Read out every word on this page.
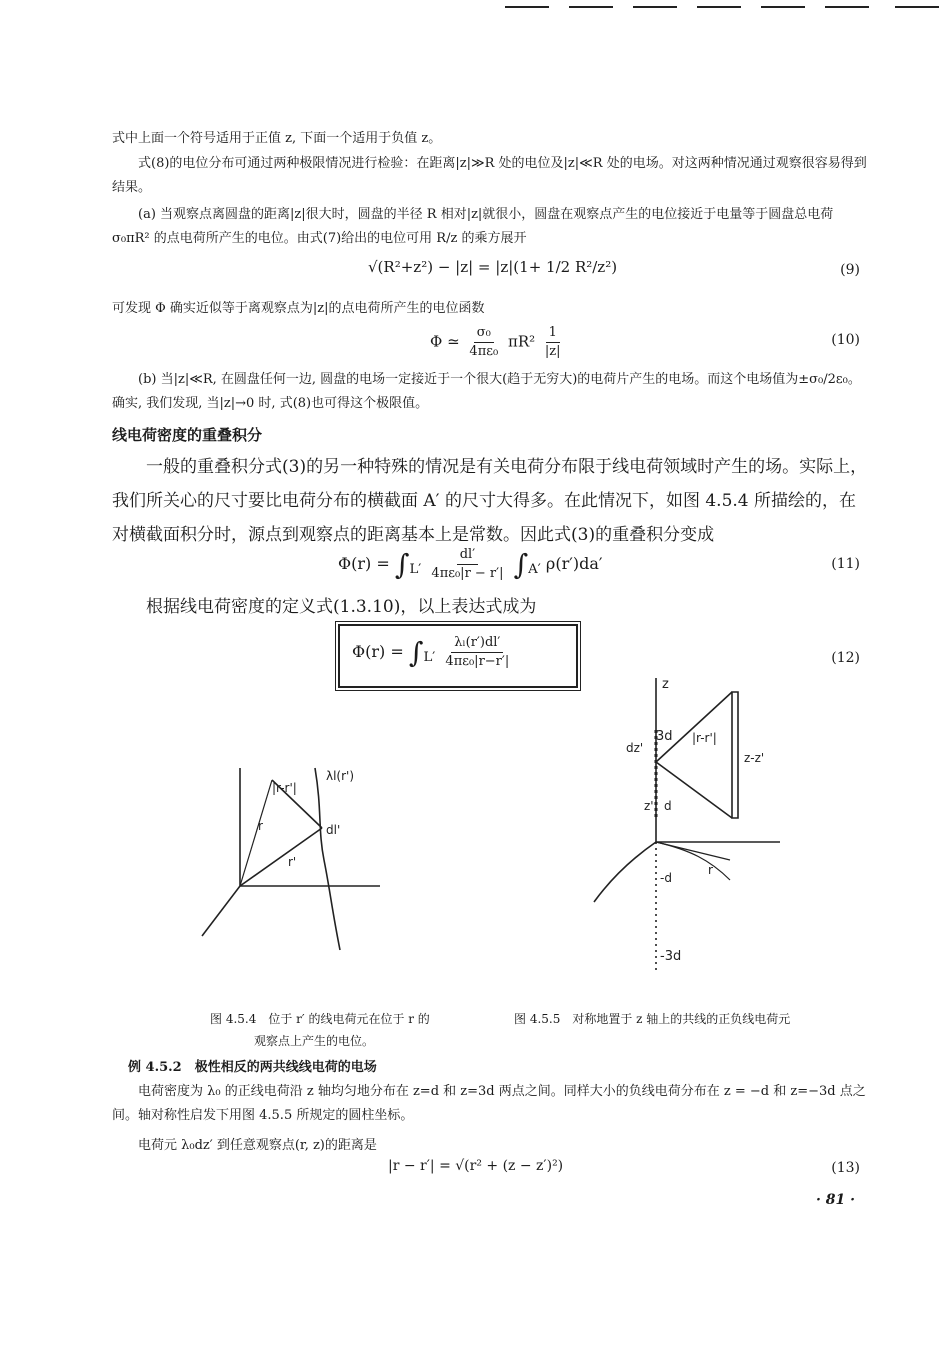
式中上面一个符号适用于正值 z, 下面一个适用于负值 z。
式(8)的电位分布可通过两种极限情况进行检验：在距离|z|≫R 处的电位及|z|≪R 处的电场。对这两种情况通过观察很容易得到结果。
(a) 当观察点离圆盘的距离|z|很大时，圆盘的半径 R 相对|z|就很小，圆盘在观察点产生的电位接近于电量等于圆盘总电荷 σ₀πR² 的点电荷所产生的电位。由式(7)给出的电位可用 R/z 的乘方展开
√(R²+z²) − |z| = |z|(1+ 1/2 R²/z²)	(9)
可发现 Φ 确实近似等于离观察点为|z|的点电荷所产生的电位函数
Φ ≃ $\frac{\text{σ₀}}{\text{4πε₀}} \pi R^2 \frac{1}{|z|}$	(10)
(b) 当|z|≪R, 在圆盘任何一边, 圆盘的电场一定接近于一个很大(趋于无穷大)的电荷片产生的电场。而这个电场值为±σ₀/2ε₀。确实, 我们发现, 当|z|→0 时, 式(8)也可得这个极限值。
线电荷密度的重叠积分
一般的重叠积分式(3)的另一种特殊的情况是有关电荷分布限于线电荷领域时产生的场。实际上，我们所关心的尺寸要比电荷分布的横截面 A′ 的尺寸大得多。在此情况下，如图 4.5.4 所描绘的，在对横截面积分时，源点到观察点的距离基本上是常数。因此式(3)的重叠积分变成
$\Phi(r) = \int_{L'} \frac{dl'}{\text{4πε₀|r − r′|}} \int_{A'}$ ρ(r′)da′	(11)
根据线电荷密度的定义式(1.3.10)，以上表达式成为
$\Phi(r) = \int_{L'} \frac{\text{λₗ(r′)dl′}}{\text{4πε₀|r−r′|}}$	(12)
|r-r'|
λl(r')
r	dl'
r'
z
3d
dz'
|r-r'|
z-z'
z' d
-d
-3d
r
图 4.5.4　位于 r′ 的线电荷元在位于 r 的
观察点上产生的电位。
图 4.5.5　对称地置于 z 轴上的共线的正负线电荷元
例 4.5.2　极性相反的两共线线电荷的电场
电荷密度为 λ₀ 的正线电荷沿 z 轴均匀地分布在 z=d 和 z=3d 两点之间。同样大小的负线电荷分布在 z = −d 和 z=−3d 点之间。轴对称性启发下用图 4.5.5 所规定的圆柱坐标。
电荷元 λ₀dz′ 到任意观察点(r, z)的距离是
|r − r′| = √(r² + (z − z′)²)	(13)
· 81 ·
